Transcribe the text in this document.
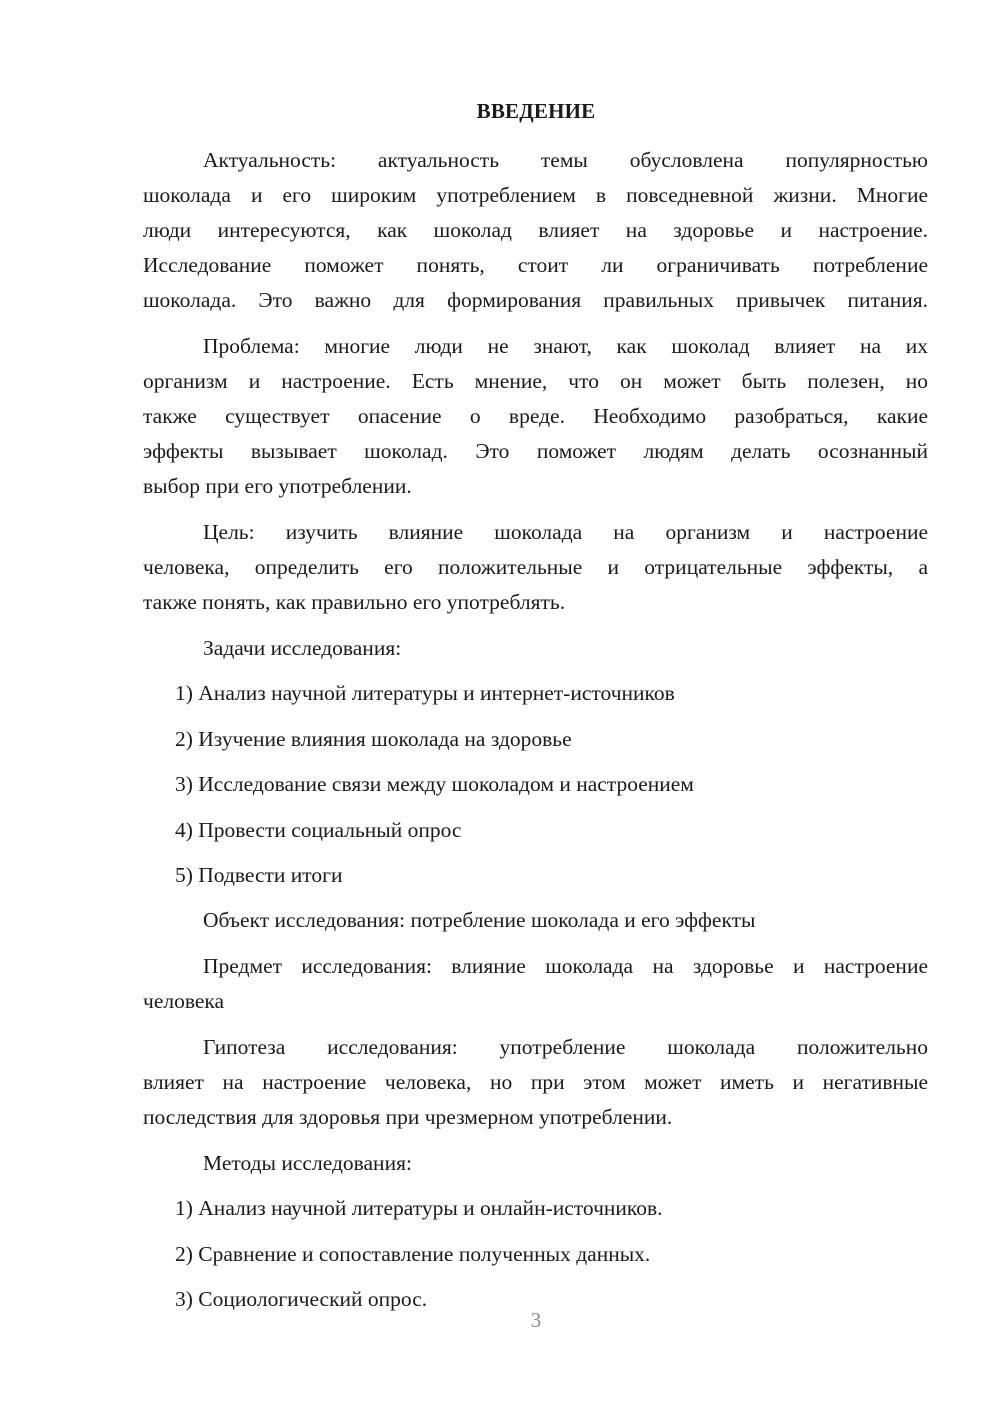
ВВЕДЕНИЕ
Актуальность: актуальность темы обусловлена популярностью
шоколада и его широким употреблением в повседневной жизни. Многие
люди интересуются, как шоколад влияет на здоровье и настроение.
Исследование поможет понять, стоит ли ограничивать потребление
шоколада. Это важно для формирования правильных привычек питания.
Проблема: многие люди не знают, как шоколад влияет на их
организм и настроение. Есть мнение, что он может быть полезен, но
также существует опасение о вреде. Необходимо разобраться, какие
эффекты вызывает шоколад. Это поможет людям делать осознанный
выбор при его употреблении.
Цель: изучить влияние шоколада на организм и настроение
человека, определить его положительные и отрицательные эффекты, а
также понять, как правильно его употреблять.
Задачи исследования:
1) Анализ научной литературы и интернет-источников
2) Изучение влияния шоколада на здоровье
3) Исследование связи между шоколадом и настроением
4) Провести социальный опрос
5) Подвести итоги
Объект исследования: потребление шоколада и его эффекты
Предмет исследования: влияние шоколада на здоровье и настроение
человека
Гипотеза исследования: употребление шоколада положительно
влияет на настроение человека, но при этом может иметь и негативные
последствия для здоровья при чрезмерном употреблении.
Методы исследования:
1) Анализ научной литературы и онлайн-источников.
2) Сравнение и сопоставление полученных данных.
3) Социологический опрос.
3
